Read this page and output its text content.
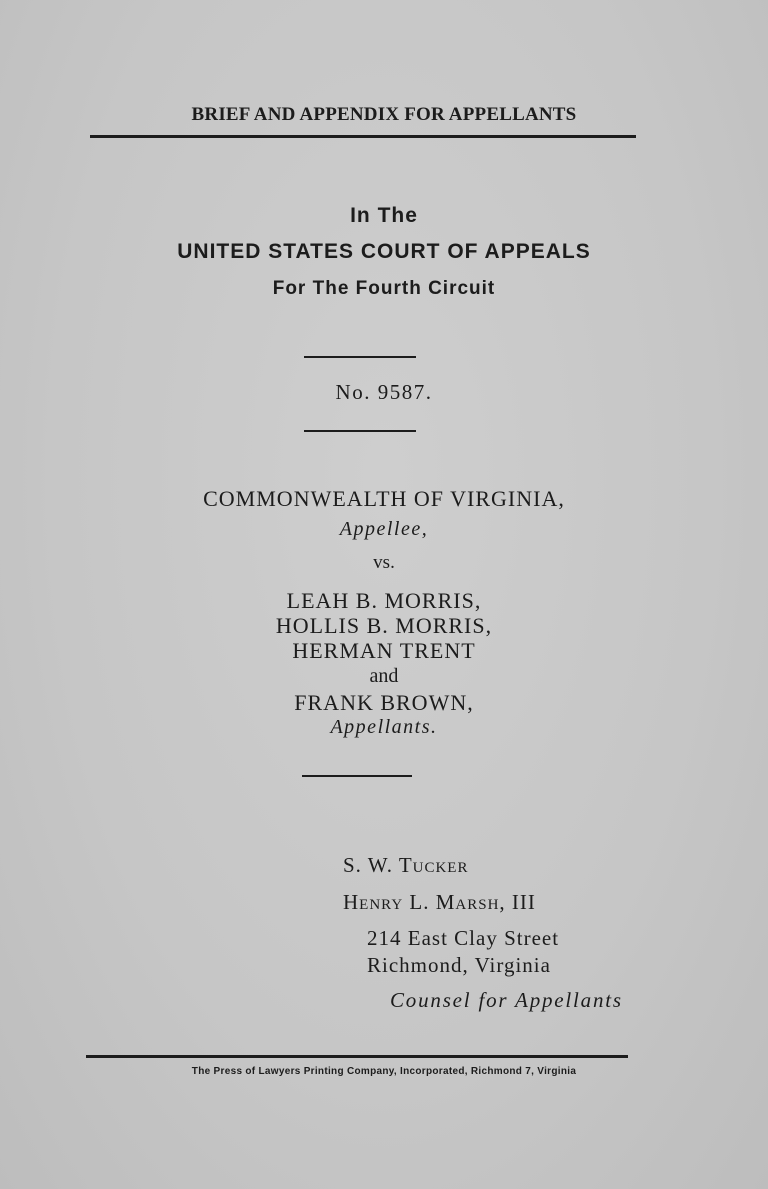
BRIEF AND APPENDIX FOR APPELLANTS
In The
UNITED STATES COURT OF APPEALS
For The Fourth Circuit
No. 9587.
COMMONWEALTH OF VIRGINIA,
Appellee,
vs.
LEAH B. MORRIS,
HOLLIS B. MORRIS,
HERMAN TRENT
and
FRANK BROWN,
Appellants.
S. W. Tucker
Henry L. Marsh, III
214 East Clay Street
Richmond, Virginia
Counsel for Appellants
The Press of Lawyers Printing Company, Incorporated, Richmond 7, Virginia
